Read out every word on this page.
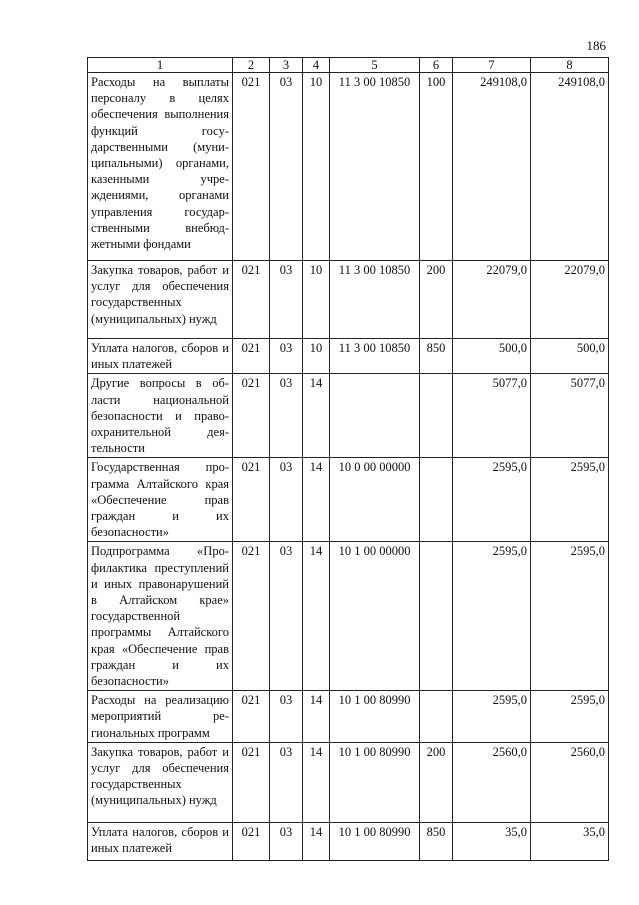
186
1	2	3	4	5	6	7	8
Расходы на выплаты персоналу в целях обеспечения выполнения функций государственными (муниципальными) органами, казенными учреждениями, органами управления государственными внебюджетными фондами	021	03	10	11 3 00 10850	100	249108,0	249108,0
Закупка товаров, работ и услуг для обеспечения государственных (муниципальных) нужд	021	03	10	11 3 00 10850	200	22079,0	22079,0
Уплата налогов, сборов и иных платежей	021	03	10	11 3 00 10850	850	500,0	500,0
Другие вопросы в области национальной безопасности и правоохранительной деятельности	021	03	14			5077,0	5077,0
Государственная программа Алтайского края «Обеспечение прав граждан и их безопасности»	021	03	14	10 0 00 00000		2595,0	2595,0
Подпрограмма «Профилактика преступлений и иных правонарушений в Алтайском крае» государственной программы Алтайского края «Обеспечение прав граждан и их безопасности»	021	03	14	10 1 00 00000		2595,0	2595,0
Расходы на реализацию мероприятий региональных программ	021	03	14	10 1 00 80990		2595,0	2595,0
Закупка товаров, работ и услуг для обеспечения государственных (муниципальных) нужд	021	03	14	10 1 00 80990	200	2560,0	2560,0
Уплата налогов, сборов и иных платежей	021	03	14	10 1 00 80990	850	35,0	35,0
